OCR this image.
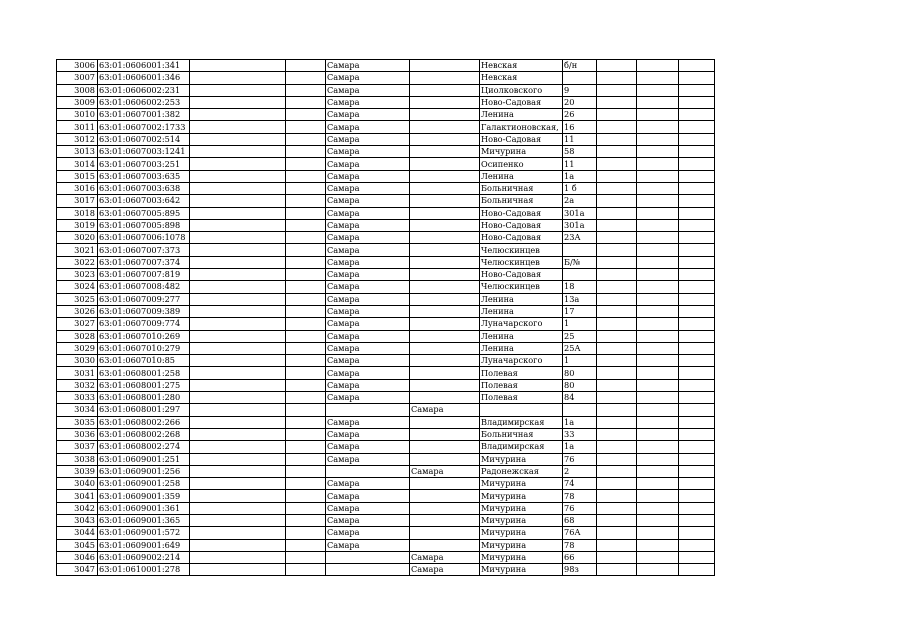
3006	63:01:0606001:341			Самара		Невская	б/н			
3007	63:01:0606001:346			Самара		Невская				
3008	63:01:0606002:231			Самара		Циолковского	9			
3009	63:01:0606002:253			Самара		Ново-Садовая	20			
3010	63:01:0607001:382			Самара		Ленина	26			
3011	63:01:0607002:1733			Самара		Галактионовская,	16			
3012	63:01:0607002:514			Самара		Ново-Садовая	11			
3013	63:01:0607003:1241			Самара		Мичурина	58			
3014	63:01:0607003:251			Самара		Осипенко	11			
3015	63:01:0607003:635			Самара		Ленина	1а			
3016	63:01:0607003:638			Самара		Больничная	1 б			
3017	63:01:0607003:642			Самара		Больничная	2а			
3018	63:01:0607005:895			Самара		Ново-Садовая	301а			
3019	63:01:0607005:898			Самара		Ново-Садовая	301а			
3020	63:01:0607006:1078			Самара		Ново-Садовая	23А			
3021	63:01:0607007:373			Самара		Челюскинцев				
3022	63:01:0607007:374			Самара		Челюскинцев	Б/№			
3023	63:01:0607007:819			Самара		Ново-Садовая				
3024	63:01:0607008:482			Самара		Челюскинцев	18			
3025	63:01:0607009:277			Самара		Ленина	13а			
3026	63:01:0607009:389			Самара		Ленина	17			
3027	63:01:0607009:774			Самара		Луначарского	1			
3028	63:01:0607010:269			Самара		Ленина	25			
3029	63:01:0607010:279			Самара		Ленина	25А			
3030	63:01:0607010:85			Самара		Луначарского	1			
3031	63:01:0608001:258			Самара		Полевая	80			
3032	63:01:0608001:275			Самара		Полевая	80			
3033	63:01:0608001:280			Самара		Полевая	84			
3034	63:01:0608001:297				Самара					
3035	63:01:0608002:266			Самара		Владимирская	1а			
3036	63:01:0608002:268			Самара		Больничная	33			
3037	63:01:0608002:274			Самара		Владимирская	1а			
3038	63:01:0609001:251			Самара		Мичурина	76			
3039	63:01:0609001:256				Самара	Радонежская	2			
3040	63:01:0609001:258			Самара		Мичурина	74			
3041	63:01:0609001:359			Самара		Мичурина	78			
3042	63:01:0609001:361			Самара		Мичурина	76			
3043	63:01:0609001:365			Самара		Мичурина	68			
3044	63:01:0609001:572			Самара		Мичурина	76А			
3045	63:01:0609001:649			Самара		Мичурина	78			
3046	63:01:0609002:214				Самара	Мичурина	66			
3047	63:01:0610001:278				Самара	Мичурина	98з			
